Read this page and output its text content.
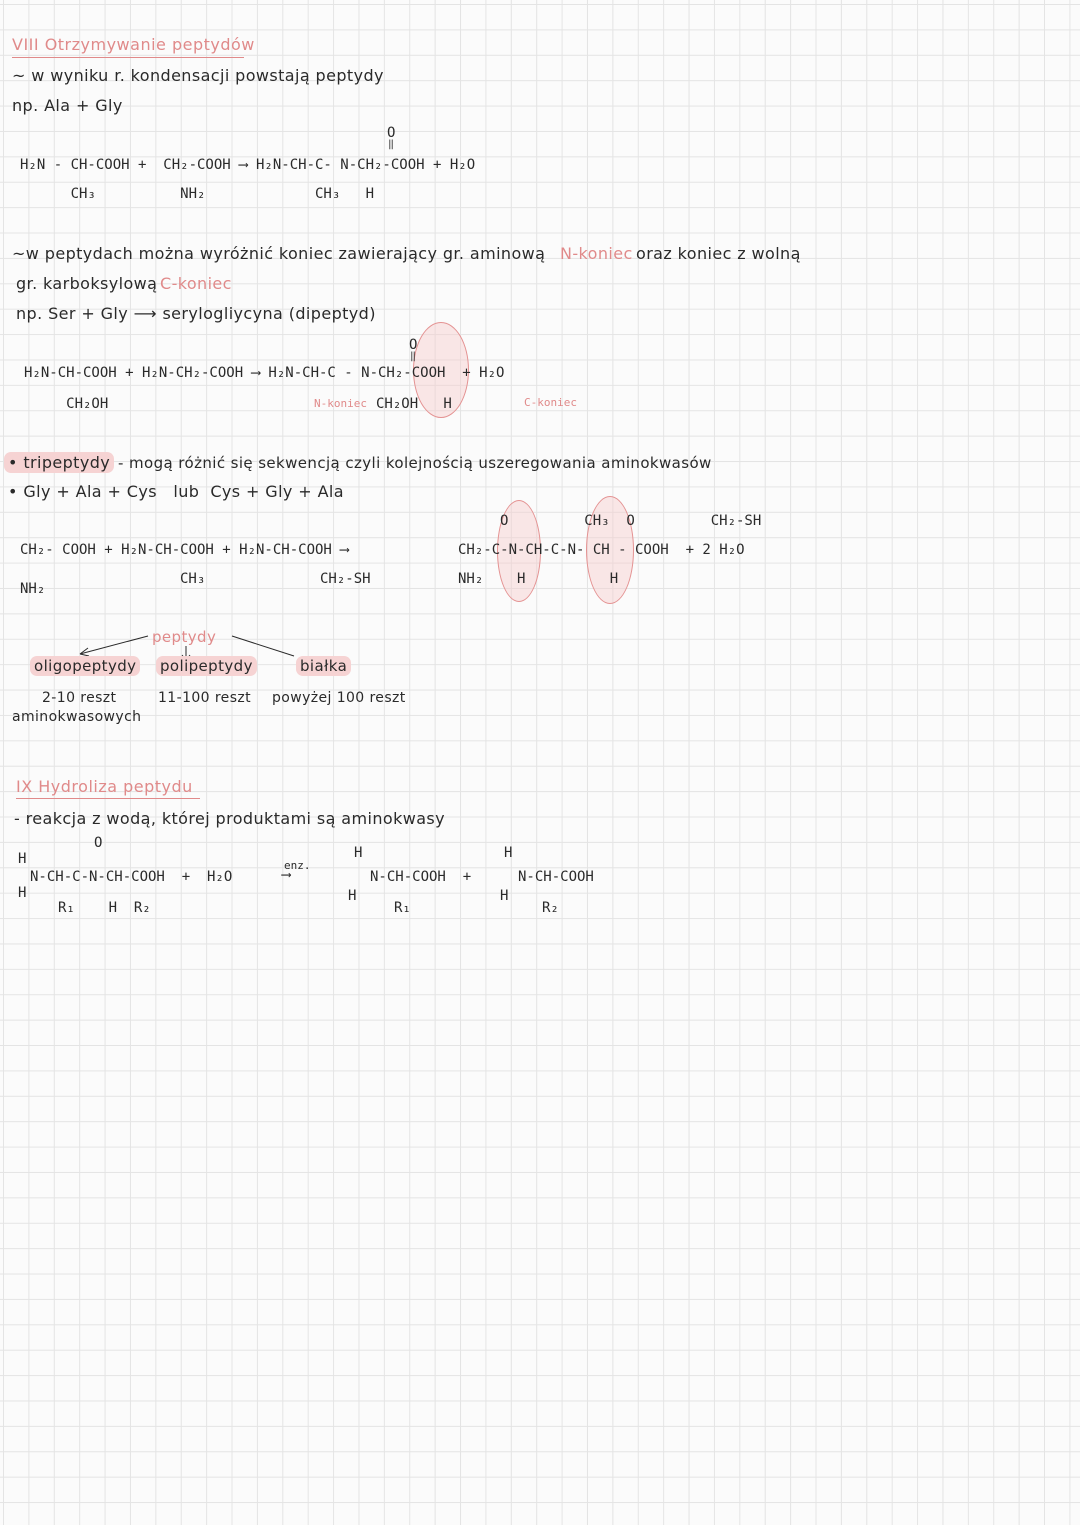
VIII Otrzymywanie peptydów
~ w wyniku r. kondensacji powstają peptydy
np. Ala + Gly
O
‖
H₂N - CH-COOH +  CH₂-COOH ⟶ H₂N-CH-C- N-CH₂-COOH + H₂O
CH₃          NH₂             CH₃   H
~w peptydach można wyróżnić koniec zawierający gr. aminową N-koniec oraz koniec z wolną
gr. karboksylową C-koniec
np. Ser + Gly ⟶ serylogliycyna (dipeptyd)
O
‖
H₂N-CH-COOH + H₂N-CH₂-COOH ⟶ H₂N-CH-C - N-CH₂-COOH  + H₂O
CH₂OH	CH₂OH   H
N-koniec	C-koniec
• tripeptydy - mogą różnić się sekwencją czyli kolejnością uszeregowania aminokwasów
• Gly + Ala + Cys   lub  Cys + Gly + Ala
CH₂- COOH + H₂N-CH-COOH + H₂N-CH-COOH ⟶
NH₂
CH₃	CH₂-SH
O         CH₃  O         CH₂-SH
CH₂-C-N-CH-C-N- CH - COOH  + 2 H₂O
NH₂    H          H
peptydy
oligopeptydy polipeptydy	białka
2-10 reszt
aminokwasowych
11-100 reszt powyżej 100 reszt
IX Hydroliza peptydu
- reakcja z wodą, której produktami są aminokwasy
H
H
O
N-CH-C-N-CH-COOH  +  H₂O
R₁    H  R₂
enz.
⟶
H
H
N-CH-COOH  +
R₁
H
H
N-CH-COOH
R₂
